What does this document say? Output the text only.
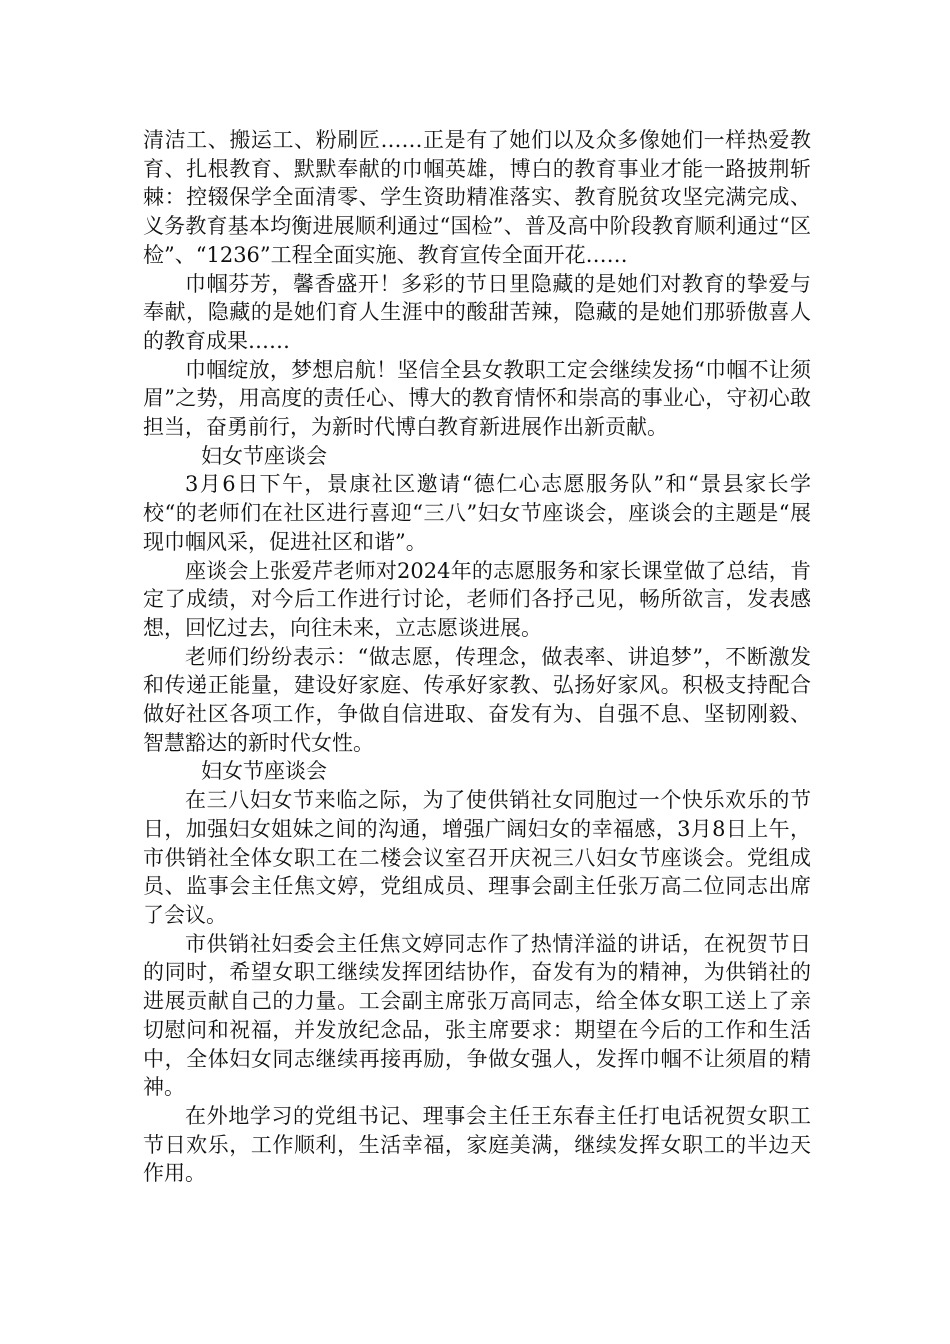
清洁工、搬运工、粉刷匠……正是有了她们以及众多像她们一样热爱教育、扎根教育、默默奉献的巾帼英雄，博白的教育事业才能一路披荆斩棘：控辍保学全面清零、学生资助精准落实、教育脱贫攻坚完满完成、义务教育基本均衡进展顺利通过“国检”、普及高中阶段教育顺利通过“区检”、“1236”工程全面实施、教育宣传全面开花……

巾帼芬芳，馨香盛开！多彩的节日里隐藏的是她们对教育的挚爱与奉献，隐藏的是她们育人生涯中的酸甜苦辣，隐藏的是她们那骄傲喜人的教育成果……

巾帼绽放，梦想启航！坚信全县女教职工定会继续发扬“巾帼不让须眉”之势，用高度的责任心、博大的教育情怀和崇高的事业心，守初心敢担当，奋勇前行，为新时代博白教育新进展作出新贡献。

妇女节座谈会

3月6日下午，景康社区邀请“德仁心志愿服务队”和“景县家长学校“的老师们在社区进行喜迎“三八”妇女节座谈会，座谈会的主题是“展现巾帼风采，促进社区和谐”。

座谈会上张爱芹老师对2024年的志愿服务和家长课堂做了总结，肯定了成绩，对今后工作进行讨论，老师们各抒己见，畅所欲言，发表感想，回忆过去，向往未来，立志愿谈进展。

老师们纷纷表示：“做志愿，传理念，做表率、讲追梦”，不断激发和传递正能量，建设好家庭、传承好家教、弘扬好家风。积极支持配合做好社区各项工作，争做自信进取、奋发有为、自强不息、坚韧刚毅、智慧豁达的新时代女性。

妇女节座谈会

在三八妇女节来临之际，为了使供销社女同胞过一个快乐欢乐的节日，加强妇女姐妹之间的沟通，增强广阔妇女的幸福感，3月8日上午，市供销社全体女职工在二楼会议室召开庆祝三八妇女节座谈会。党组成员、监事会主任焦文婷，党组成员、理事会副主任张万高二位同志出席了会议。

市供销社妇委会主任焦文婷同志作了热情洋溢的讲话，在祝贺节日的同时，希望女职工继续发挥团结协作，奋发有为的精神，为供销社的进展贡献自己的力量。工会副主席张万高同志，给全体女职工送上了亲切慰问和祝福，并发放纪念品，张主席要求：期望在今后的工作和生活中，全体妇女同志继续再接再励，争做女强人，发挥巾帼不让须眉的精神。

在外地学习的党组书记、理事会主任王东春主任打电话祝贺女职工节日欢乐，工作顺利，生活幸福，家庭美满，继续发挥女职工的半边天作用。
